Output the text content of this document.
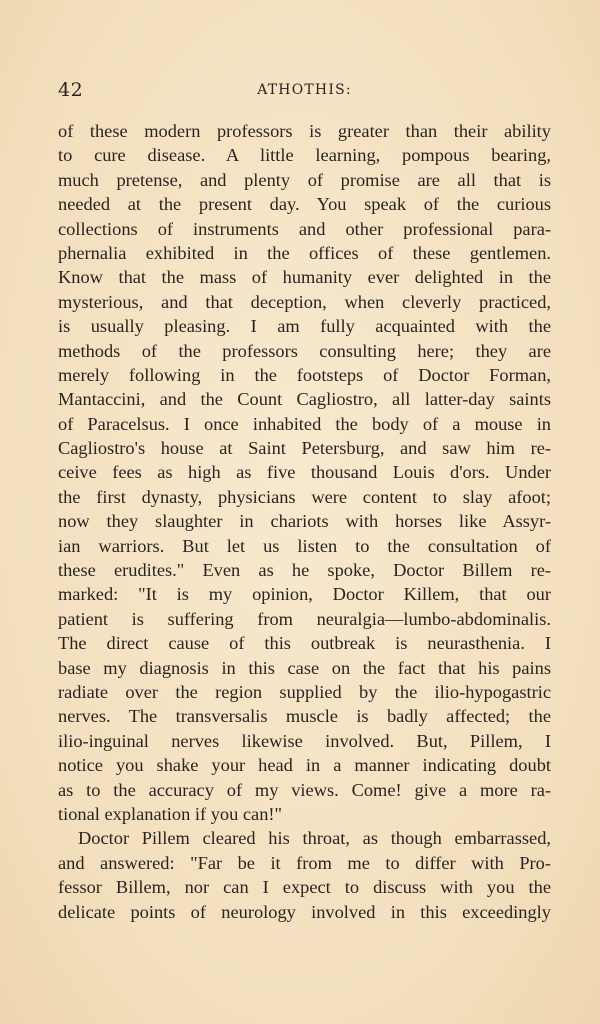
42	ATHOTHIS:
of these modern professors is greater than their ability
to cure disease. A little learning, pompous bearing,
much pretense, and plenty of promise are all that is
needed at the present day. You speak of the curious
collections of instruments and other professional para-
phernalia exhibited in the offices of these gentlemen.
Know that the mass of humanity ever delighted in the
mysterious, and that deception, when cleverly practiced,
is usually pleasing. I am fully acquainted with the
methods of the professors consulting here; they are
merely following in the footsteps of Doctor Forman,
Mantaccini, and the Count Cagliostro, all latter-day saints
of Paracelsus. I once inhabited the body of a mouse in
Cagliostro's house at Saint Petersburg, and saw him re-
ceive fees as high as five thousand Louis d'ors. Under
the first dynasty, physicians were content to slay afoot;
now they slaughter in chariots with horses like Assyr-
ian warriors. But let us listen to the consultation of
these erudites." Even as he spoke, Doctor Billem re-
marked: "It is my opinion, Doctor Killem, that our
patient is suffering from neuralgia—lumbo-abdominalis.
The direct cause of this outbreak is neurasthenia. I
base my diagnosis in this case on the fact that his pains
radiate over the region supplied by the ilio-hypogastric
nerves. The transversalis muscle is badly affected; the
ilio-inguinal nerves likewise involved. But, Pillem, I
notice you shake your head in a manner indicating doubt
as to the accuracy of my views. Come! give a more ra-
tional explanation if you can!"
Doctor Pillem cleared his throat, as though embarrassed,
and answered: "Far be it from me to differ with Pro-
fessor Billem, nor can I expect to discuss with you the
delicate points of neurology involved in this exceedingly
